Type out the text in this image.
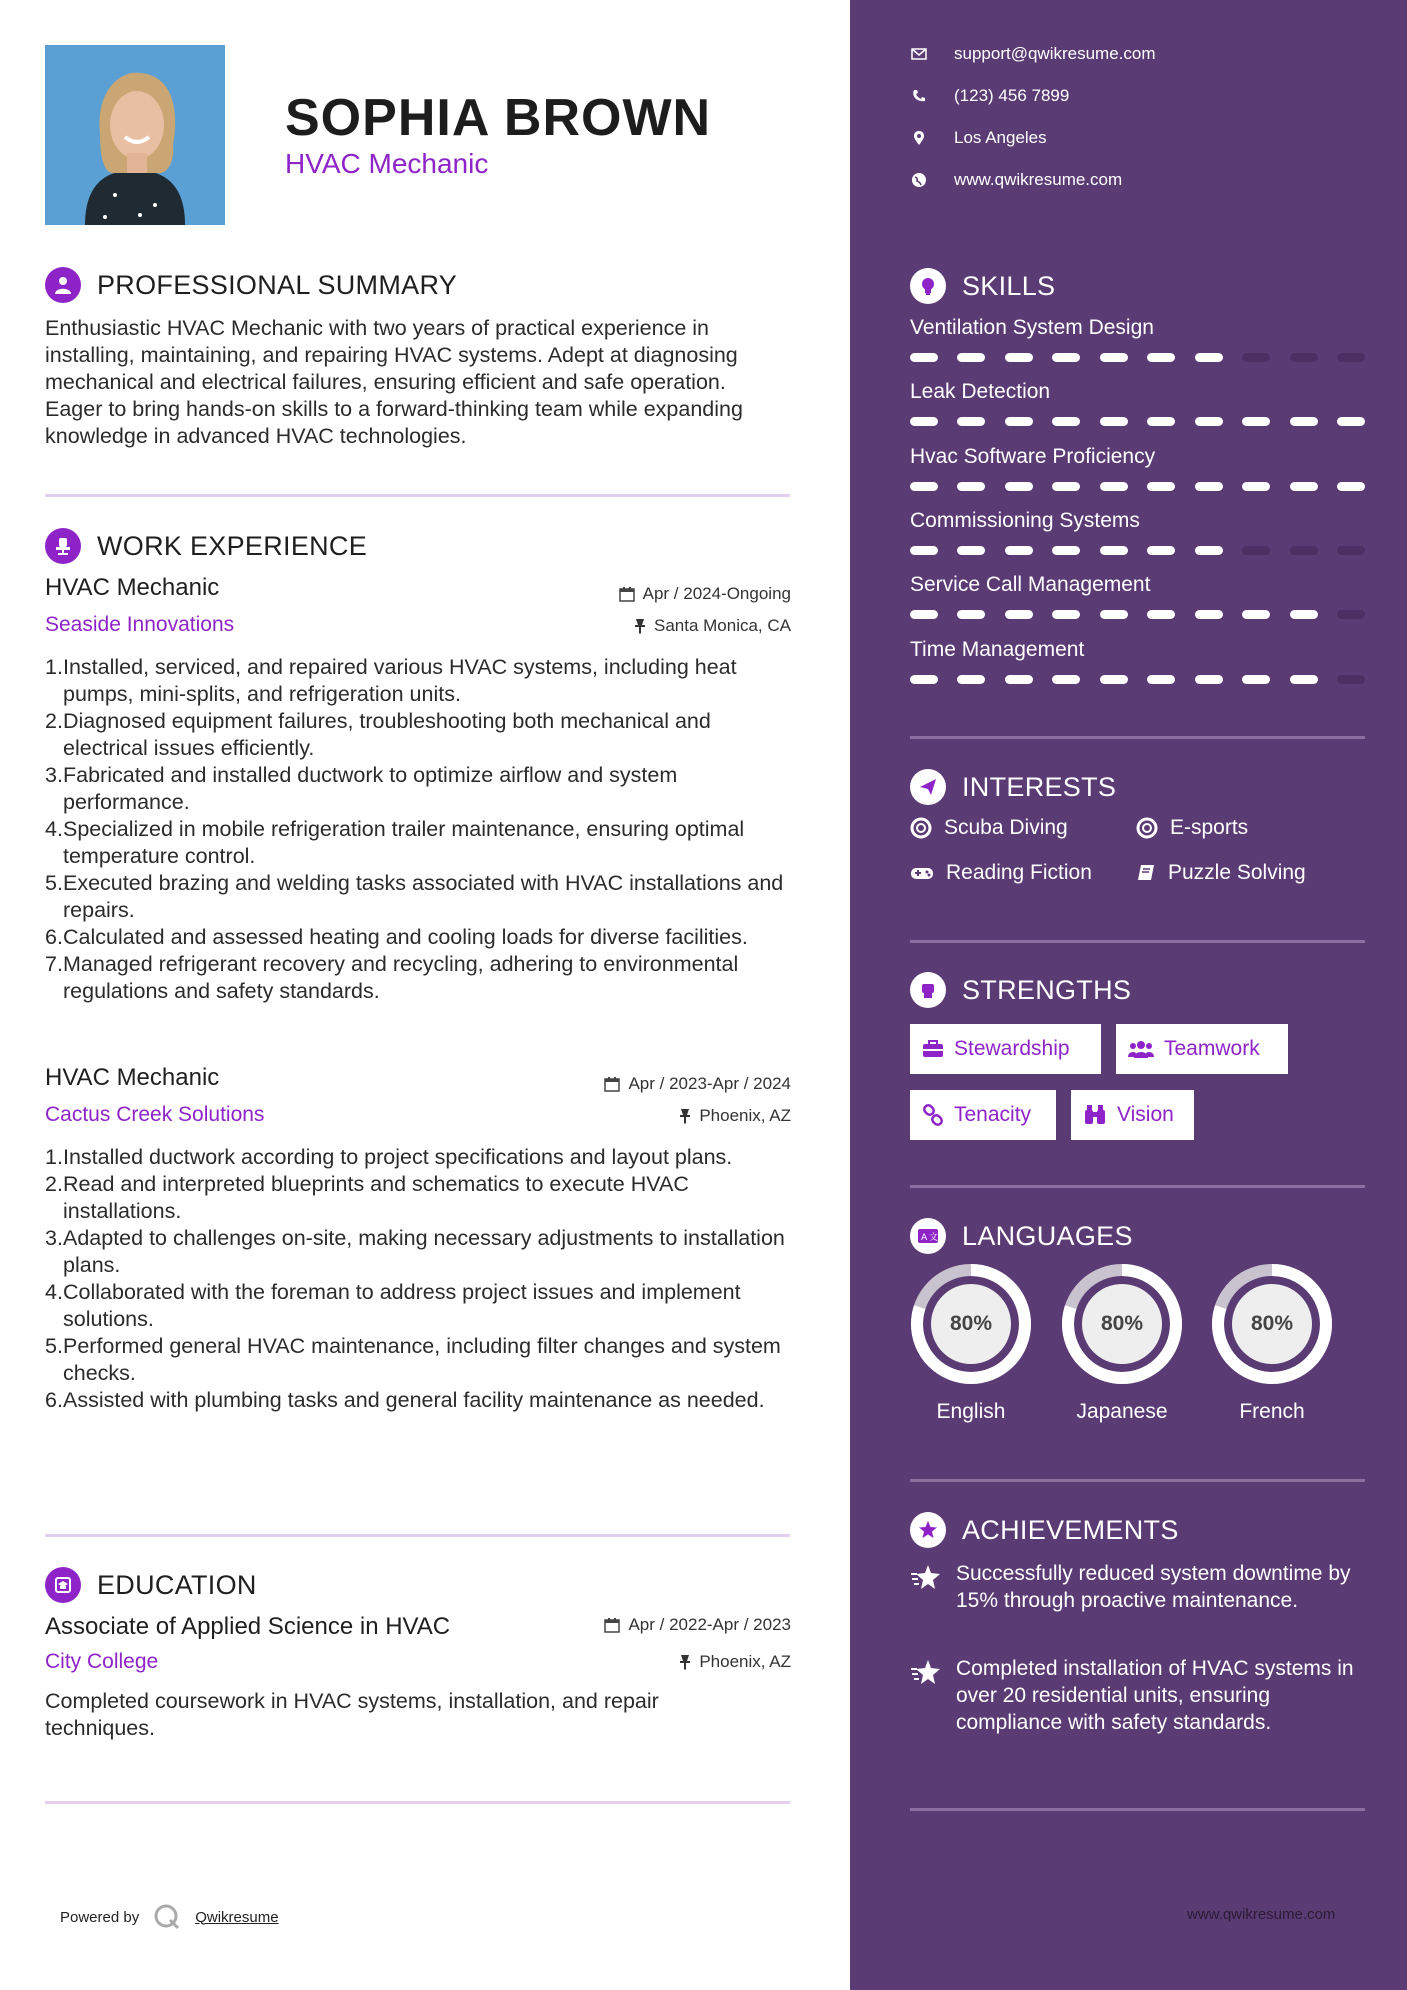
SOPHIA BROWN
HVAC Mechanic
PROFESSIONAL SUMMARY
Enthusiastic HVAC Mechanic with two years of practical experience in installing, maintaining, and repairing HVAC systems. Adept at diagnosing mechanical and electrical failures, ensuring efficient and safe operation. Eager to bring hands-on skills to a forward-thinking team while expanding knowledge in advanced HVAC technologies.
WORK EXPERIENCE
HVAC Mechanic	Apr / 2024-Ongoing
Seaside Innovations	Santa Monica, CA
1. Installed, serviced, and repaired various HVAC systems, including heat pumps, mini-splits, and refrigeration units.
2. Diagnosed equipment failures, troubleshooting both mechanical and electrical issues efficiently.
3. Fabricated and installed ductwork to optimize airflow and system performance.
4. Specialized in mobile refrigeration trailer maintenance, ensuring optimal temperature control.
5. Executed brazing and welding tasks associated with HVAC installations and repairs.
6. Calculated and assessed heating and cooling loads for diverse facilities.
7. Managed refrigerant recovery and recycling, adhering to environmental regulations and safety standards.
HVAC Mechanic	Apr / 2023-Apr / 2024
Cactus Creek Solutions	Phoenix, AZ
1. Installed ductwork according to project specifications and layout plans.
2. Read and interpreted blueprints and schematics to execute HVAC installations.
3. Adapted to challenges on-site, making necessary adjustments to installation plans.
4. Collaborated with the foreman to address project issues and implement solutions.
5. Performed general HVAC maintenance, including filter changes and system checks.
6. Assisted with plumbing tasks and general facility maintenance as needed.
EDUCATION
Associate of Applied Science in HVAC	Apr / 2022-Apr / 2023
City College	Phoenix, AZ
Completed coursework in HVAC systems, installation, and repair techniques.
Powered by	Qwikresume
support@qwikresume.com
(123) 456 7899
Los Angeles
www.qwikresume.com
SKILLS
Ventilation System Design
Leak Detection
Hvac Software Proficiency
Commissioning Systems
Service Call Management
Time Management
INTERESTS
Scuba Diving	E-sports
Reading Fiction	Puzzle Solving
STRENGTHS
Stewardship	Teamwork
Tenacity	Vision
A 文 LANGUAGES
80%
English
80%
Japanese
80%
French
ACHIEVEMENTS
Successfully reduced system downtime by 15% through proactive maintenance.
Completed installation of HVAC systems in over 20 residential units, ensuring compliance with safety standards.
www.qwikresume.com
